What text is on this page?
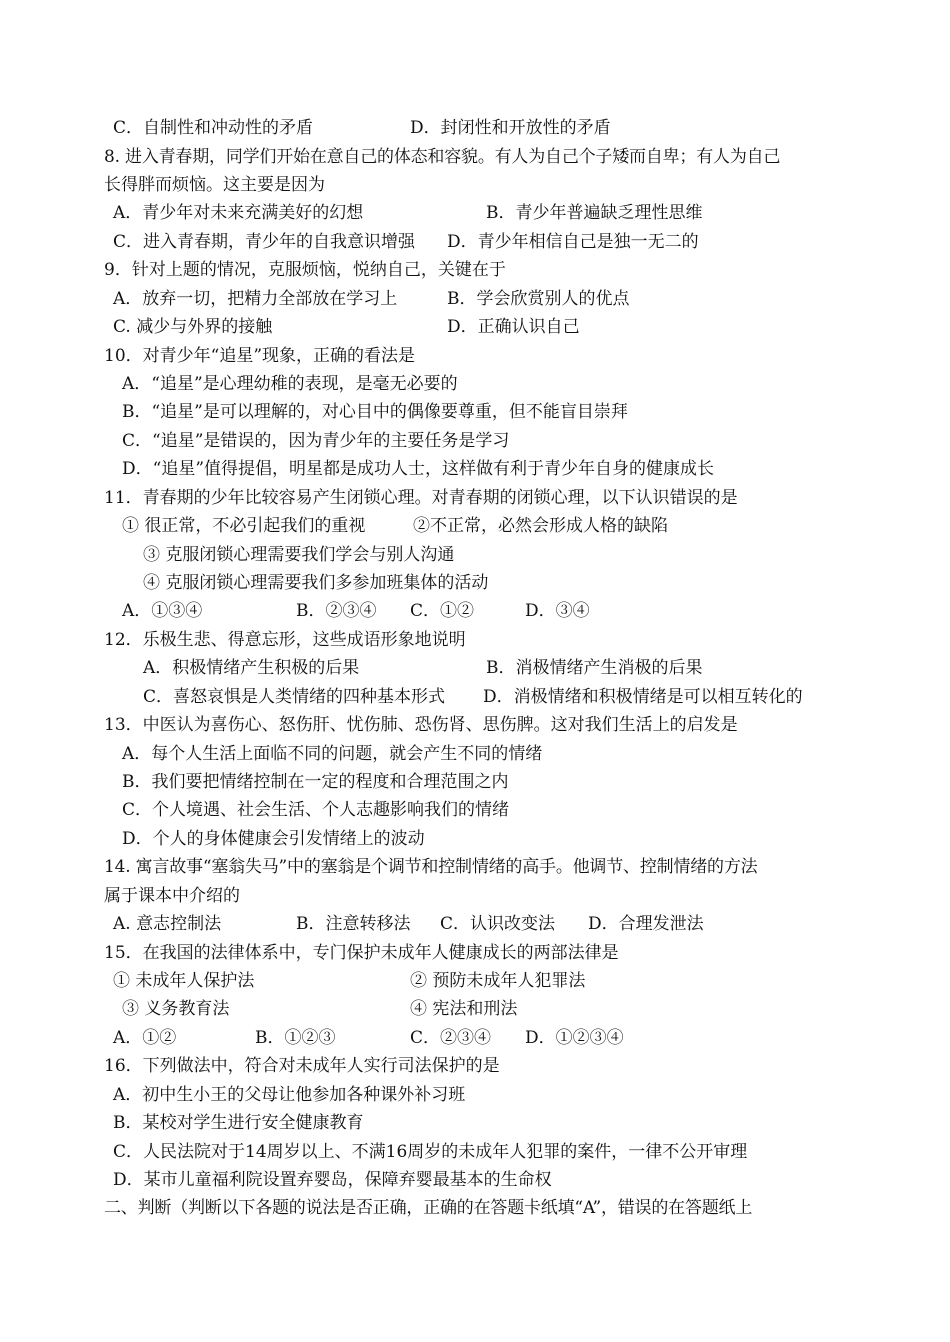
C．自制性和冲动性的矛盾	D．封闭性和开放性的矛盾
8. 进入青春期，同学们开始在意自己的体态和容貌。有人为自己个子矮而自卑；有人为自己
长得胖而烦恼。这主要是因为
A．青少年对未来充满美好的幻想	B．青少年普遍缺乏理性思维
C．进入青春期，青少年的自我意识增强 D．青少年相信自己是独一无二的
9．针对上题的情况，克服烦恼，悦纳自己，关键在于
A．放弃一切，把精力全部放在学习上	B．学会欣赏别人的优点
C. 减少与外界的接触	D．正确认识自己
10．对青少年“追星”现象，正确的看法是
A．“追星”是心理幼稚的表现，是毫无必要的
B．“追星”是可以理解的，对心目中的偶像要尊重，但不能盲目崇拜
C．“追星”是错误的，因为青少年的主要任务是学习
D．“追星”值得提倡，明星都是成功人士，这样做有利于青少年自身的健康成长
11．青春期的少年比较容易产生闭锁心理。对青春期的闭锁心理，以下认识错误的是
① 很正常，不必引起我们的重视	②不正常，必然会形成人格的缺陷
③ 克服闭锁心理需要我们学会与别人沟通
④ 克服闭锁心理需要我们多参加班集体的活动
A．①③④	B．②③④ C．①②	D．③④
12．乐极生悲、得意忘形，这些成语形象地说明
A．积极情绪产生积极的后果	B．消极情绪产生消极的后果
C．喜怒哀惧是人类情绪的四种基本形式 D．消极情绪和积极情绪是可以相互转化的
13．中医认为喜伤心、怒伤肝、忧伤肺、恐伤肾、思伤脾。这对我们生活上的启发是
A．每个人生活上面临不同的问题，就会产生不同的情绪
B．我们要把情绪控制在一定的程度和合理范围之内
C．个人境遇、社会生活、个人志趣影响我们的情绪
D．个人的身体健康会引发情绪上的波动
14. 寓言故事“塞翁失马”中的塞翁是个调节和控制情绪的高手。他调节、控制情绪的方法
属于课本中介绍的
A. 意志控制法	B．注意转移法 C．认识改变法 D．合理发泄法
15．在我国的法律体系中，专门保护未成年人健康成长的两部法律是
① 未成年人保护法	② 预防未成年人犯罪法
③ 义务教育法	④ 宪法和刑法
A．①②	B．①②③	C．②③④ D．①②③④
16．下列做法中，符合对未成年人实行司法保护的是
A．初中生小王的父母让他参加各种课外补习班
B．某校对学生进行安全健康教育
C．人民法院对于14周岁以上、不满16周岁的未成年人犯罪的案件，一律不公开审理
D．某市儿童福利院设置弃婴岛，保障弃婴最基本的生命权
二、判断（判断以下各题的说法是否正确，正确的在答题卡纸填“A”，错误的在答题纸上
